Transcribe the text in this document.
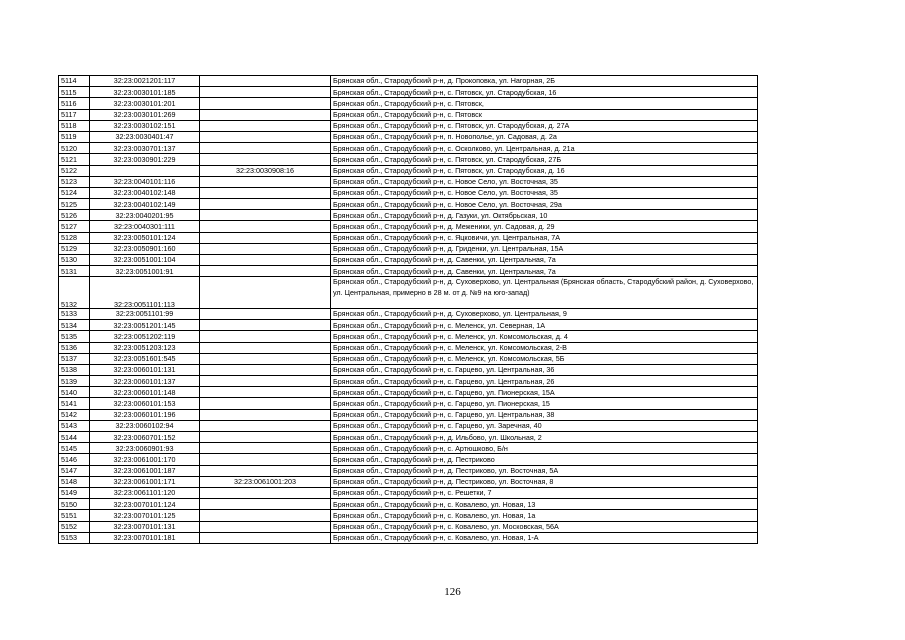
5114	32:23:0021201:117		Брянская обл., Стародубский р-н, д. Прокоповка, ул. Нагорная, 2Б
5115	32:23:0030101:185		Брянская обл., Стародубский р-н, с. Пятовск, ул. Стародубская, 16
5116	32:23:0030101:201		Брянская обл., Стародубский р-н, с. Пятовск,
5117	32:23:0030101:269		Брянская обл., Стародубский р-н, с. Пятовск
5118	32:23:0030102:151		Брянская обл., Стародубский р-н, с. Пятовск, ул. Стародубская, д. 27А
5119	32:23:0030401:47		Брянская обл., Стародубский р-н, п. Новополье, ул. Садовая, д. 2а
5120	32:23:0030701:137		Брянская обл., Стародубский р-н, с. Осколково, ул. Центральная, д. 21а
5121	32:23:0030901:229		Брянская обл., Стародубский р-н, с. Пятовск, ул. Стародубская, 27Б
5122		32:23:0030908:16	Брянская обл., Стародубский р-н, с. Пятовск, ул. Стародубская, д. 16
5123	32:23:0040101:116		Брянская обл., Стародубский р-н, с. Новое Село, ул. Восточная, 35
5124	32:23:0040102:148		Брянская обл., Стародубский р-н, с. Новое Село, ул. Восточная, 35
5125	32:23:0040102:149		Брянская обл., Стародубский р-н, с. Новое Село, ул. Восточная, 29а
5126	32:23:0040201:95		Брянская обл., Стародубский р-н, д. Газуки, ул. Октябрьская, 10
5127	32:23:0040301:111		Брянская обл., Стародубский р-н, д. Меженики, ул. Садовая, д. 29
5128	32:23:0050101:124		Брянская обл., Стародубский р-н, с. Яцковичи, ул. Центральная, 7А
5129	32:23:0050901:160		Брянская обл., Стародубский р-н, д. Гриденки, ул. Центральная, 15А
5130	32:23:0051001:104		Брянская обл., Стародубский р-н, д. Савенки, ул. Центральная, 7а
5131	32:23:0051001:91		Брянская обл., Стародубский р-н, д. Савенки, ул. Центральная, 7а
5132	32:23:0051101:113		Брянская обл., Стародубский р-н, д. Суховерхово, ул. Центральная (Брянская область, Стародубский район, д. Суховерхово, ул. Центральная, примерно в 28 м. от д. №9 на юго-запад)
5133	32:23:0051101:99		Брянская обл., Стародубский р-н, д. Суховерхово, ул. Центральная, 9
5134	32:23:0051201:145		Брянская обл., Стародубский р-н, с. Меленск, ул. Северная, 1А
5135	32:23:0051202:119		Брянская обл., Стародубский р-н, с. Меленск, ул. Комсомольская, д. 4
5136	32:23:0051203:123		Брянская обл., Стародубский р-н, с. Меленск, ул. Комсомольская, 2-В
5137	32:23:0051601:545		Брянская обл., Стародубский р-н, с. Меленск, ул. Комсомольская, 5Б
5138	32:23:0060101:131		Брянская обл., Стародубский р-н, с. Гарцево, ул. Центральная, 36
5139	32:23:0060101:137		Брянская обл., Стародубский р-н, с. Гарцево, ул. Центральная, 26
5140	32:23:0060101:148		Брянская обл., Стародубский р-н, с. Гарцево, ул. Пионерская, 15А
5141	32:23:0060101:153		Брянская обл., Стародубский р-н, с. Гарцево, ул. Пионерская, 15
5142	32:23:0060101:196		Брянская обл., Стародубский р-н, с. Гарцево, ул. Центральная, 38
5143	32:23:0060102:94		Брянская обл., Стародубский р-н, с. Гарцево, ул. Заречная, 40
5144	32:23:0060701:152		Брянская обл., Стародубский р-н, д. Ильбово, ул. Школьная, 2
5145	32:23:0060901:93		Брянская обл., Стародубский р-н, с. Артюшково, Б/н
5146	32:23:0061001:170		Брянская обл., Стародубский р-н, д. Пестриково
5147	32:23:0061001:187		Брянская обл., Стародубский р-н, д. Пестриково, ул. Восточная, 5А
5148	32:23:0061001:171	32:23:0061001:203	Брянская обл., Стародубский р-н, д. Пестриково, ул. Восточная, 8
5149	32:23:0061101:120		Брянская обл., Стародубский р-н, с. Решетки, 7
5150	32:23:0070101:124		Брянская обл., Стародубский р-н, с. Ковалево, ул. Новая, 13
5151	32:23:0070101:125		Брянская обл., Стародубский р-н, с. Ковалево, ул. Новая, 1а
5152	32:23:0070101:131		Брянская обл., Стародубский р-н, с. Ковалево, ул. Московская, 56А
5153	32:23:0070101:181		Брянская обл., Стародубский р-н, с. Ковалево, ул. Новая, 1-А
126
